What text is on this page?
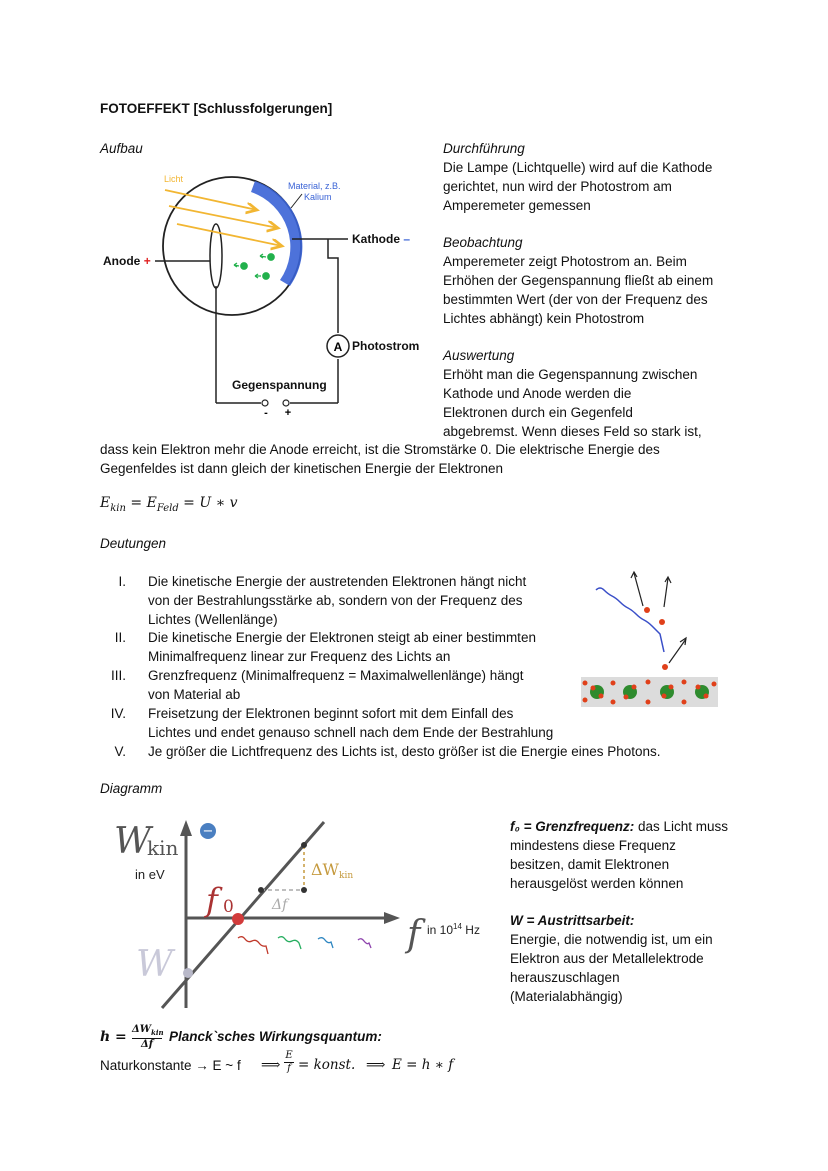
FOTOEFFEKT [Schlussfolgerungen]
Aufbau
Licht
Material, z.B.
Kalium
A
- +
Anode +
Kathode –
Photostrom
Gegenspannung
Durchführung
Die Lampe (Lichtquelle) wird auf die Kathode
gerichtet, nun wird der Photostrom am
Amperemeter gemessen
Beobachtung
Amperemeter zeigt Photostrom an. Beim
Erhöhen der Gegenspannung fließt ab einem
bestimmten Wert (der von der Frequenz des
Lichtes abhängt) kein Photostrom
Auswertung
Erhöht man die Gegenspannung zwischen
Kathode und Anode werden die
Elektronen durch ein Gegenfeld
abgebremst. Wenn dieses Feld so stark ist,
dass kein Elektron mehr die Anode erreicht, ist die Stromstärke 0. Die elektrische Energie des
Gegenfeldes ist dann gleich der kinetischen Energie der Elektronen
$E_{kin} = E_{Feld} = U$ ∗ v
Deutungen
I. Die kinetische Energie der austretenden Elektronen hängt nicht
von der Bestrahlungsstärke ab, sondern von der Frequenz des
Lichtes (Wellenlänge)
II. Die kinetische Energie der Elektronen steigt ab einer bestimmten
Minimalfrequenz linear zur Frequenz des Lichts an
III. Grenzfrequenz (Minimalfrequenz = Maximalwellenlänge) hängt
von Material ab
IV. Freisetzung der Elektronen beginnt sofort mit dem Einfall des
Lichtes und endet genauso schnell nach dem Ende der Bestrahlung
V. Je größer die Lichtfrequenz des Lichts ist, desto größer ist die Energie eines Photons.
Diagramm
−
W
kin
in eV
f 0
f in $10^{14}$ Hz
ΔW kin
Δf
W
f₀ = Grenzfrequenz: das Licht muss
mindestens diese Frequenz
besitzen, damit Elektronen
herausgelöst werden können
W = Austrittsarbeit:
Energie, die notwendig ist, um ein
Elektron aus der Metallelektrode
herauszuschlagen
(Materialabhängig)
$h = \Delta W_{kin}$
Δf
Planck`sches Wirkungsquantum:
Naturkonstante → E ~ f ⟹
E
f = konst. ⟹ E = h ∗ f
